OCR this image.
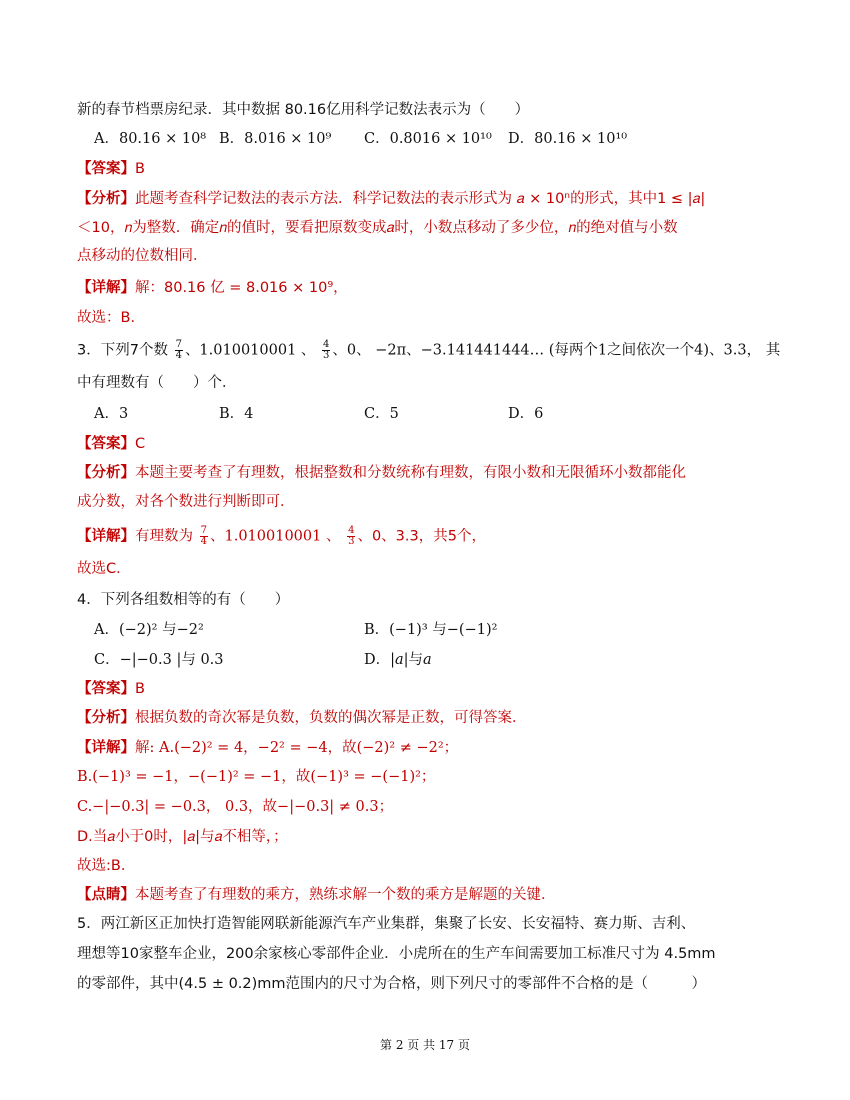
新的春节档票房纪录．其中数据 80.16亿用科学记数法表示为（　　）
A．80.16 × 10⁸ B．8.016 × 10⁹ C．0.8016 × 10¹⁰ D．80.16 × 10¹⁰
【答案】B
【分析】此题考查科学记数法的表示方法．科学记数法的表示形式为 𝑎 × 10ⁿ的形式，其中1 ≤ |𝑎|
＜10，𝑛为整数．确定𝑛的值时，要看把原数变成𝑎时，小数点移动了多少位，𝑛的绝对值与小数
点移动的位数相同．
【详解】解：80.16 亿 = 8.016 × 10⁹，
故选：B．
3．下列7个数 $\frac{7}{4}$ 、1.010010001 、 $\frac{4}{3}$ 、0、 −2π、−3.141441444… (每两个1之间依次一个4)、3.3， 其
中有理数有（　　）个．
A．3	B．4	C．5	D．6
【答案】C
【分析】本题主要考查了有理数，根据整数和分数统称有理数，有限小数和无限循环小数都能化
成分数，对各个数进行判断即可．
【详解】有理数为 $\frac{7}{4}$ 、1.010010001 、 $\frac{4}{3}$ 、0、3.3，共5个，
故选C．
4．下列各组数相等的有（　　）
A．(−2)² 与−2²	B．(−1)³ 与−(−1)²
C．−|−0.3 |与 0.3	D．|𝑎|与𝑎
【答案】B
【分析】根据负数的奇次幂是负数，负数的偶次幂是正数，可得答案．
【详解】解: A.(−2)² = 4，−2² = −4，故(−2)² ≠ −2²；
B.(−1)³ = −1，−(−1)² = −1，故(−1)³ = −(−1)²；
C.−|−0.3| = −0.3， 0.3，故−|−0.3| ≠ 0.3；
D.当𝑎小于0时，|𝑎|与𝑎不相等，；
故选:B．
【点睛】本题考查了有理数的乘方，熟练求解一个数的乘方是解题的关键．
5．两江新区正加快打造智能网联新能源汽车产业集群，集聚了长安、长安福特、赛力斯、吉利、
理想等10家整车企业，200余家核心零部件企业．小虎所在的生产车间需要加工标准尺寸为 4.5mm
的零部件，其中(4.5 ± 0.2)mm范围内的尺寸为合格，则下列尺寸的零部件不合格的是（　　　）
第 2 页 共 17 页
